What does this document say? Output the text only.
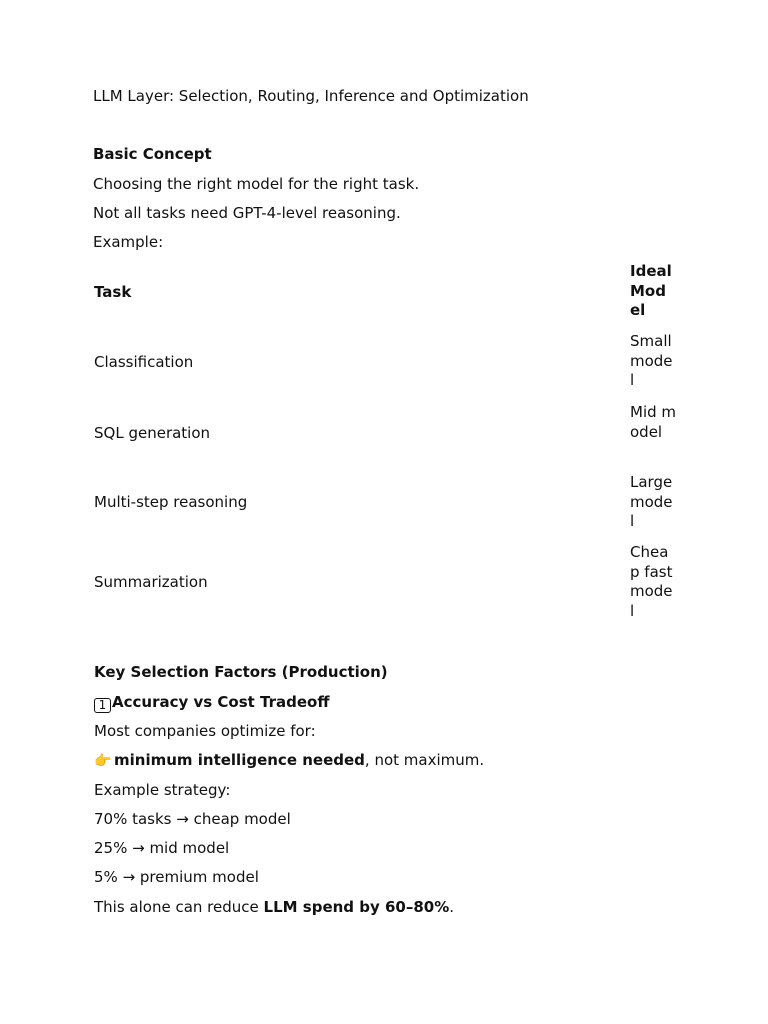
LLM Layer: Selection, Routing, Inference and Optimization
Basic Concept
Choosing the right model for the right task.
Not all tasks need GPT-4-level reasoning.
Example:
Task
Ideal Model
Classification
Small model
SQL generation
Mid model
Multi-step reasoning
Large model
Summarization
Cheap fast model
Key Selection Factors (Production)
1 Accuracy vs Cost Tradeoff
Most companies optimize for:
👉 minimum intelligence needed, not maximum.
Example strategy:
70% tasks → cheap model
25% → mid model
5% → premium model
This alone can reduce LLM spend by 60–80%.
